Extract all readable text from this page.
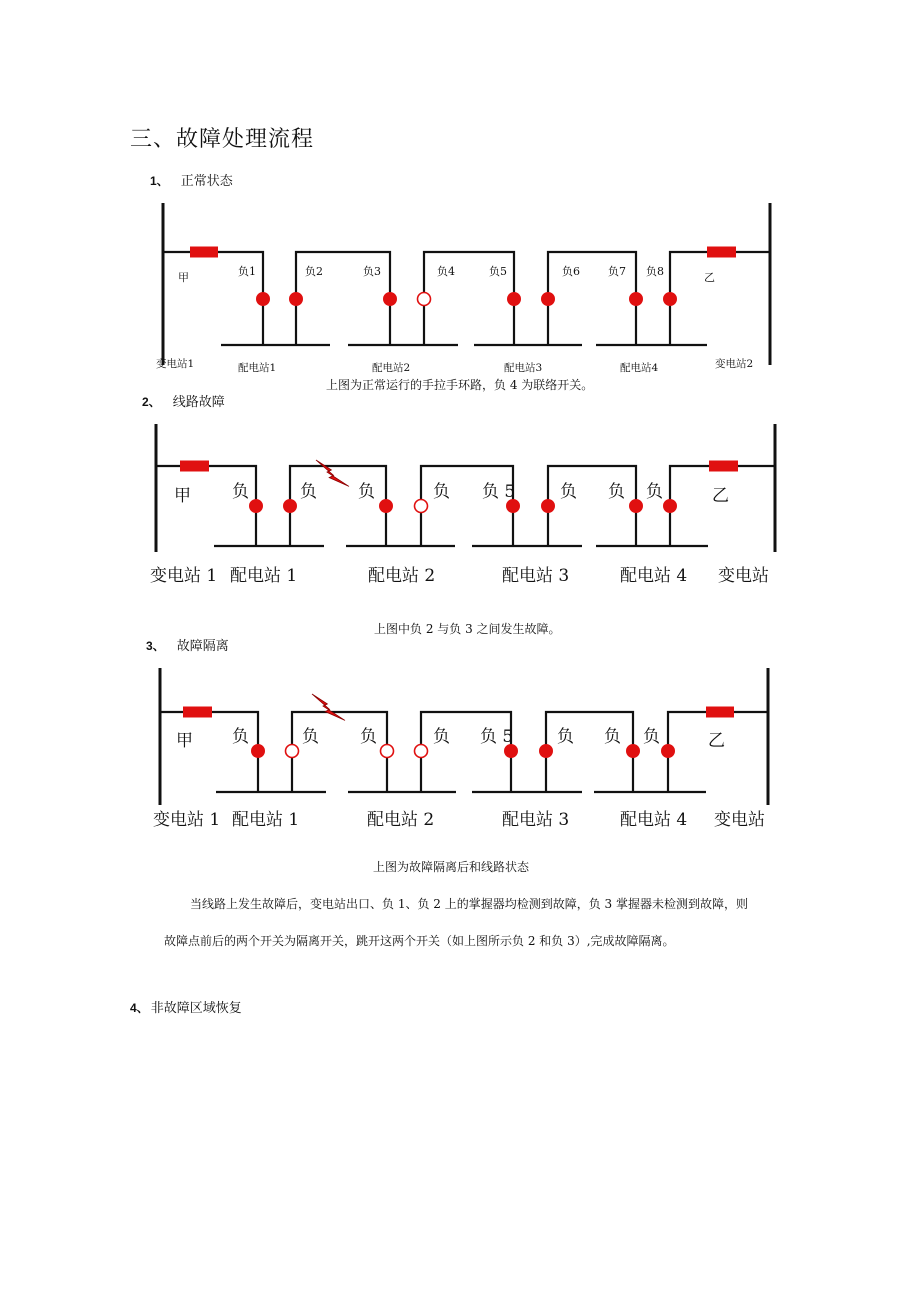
三、故障处理流程
1、 正常状态
2、 线路故障
3、 故障隔离
4、 非故障区域恢复
负1	负2	负3	负4	负5	负6	负7 负8
甲	乙
变电站1	变电站2
配电站1	配电站2	配电站3	配电站4
上图为正常运行的手拉手环路，负 4 为联络开关。
负	负 负	负 负 5	负 负 负
甲	乙
变电站 1	变电站
配电站 1	配电站 2	配电站 3	配电站 4
上图中负 2 与负 3 之间发生故障。
负	负 负	负 负 5	负 负 负
甲	乙
变电站 1	变电站
配电站 1	配电站 2	配电站 3	配电站 4
上图为故障隔离后和线路状态
当线路上发生故障后，变电站出口、负 1、负 2 上的掌握器均检测到故障，负 3 掌握器未检测到故障，则
故障点前后的两个开关为隔离开关，跳开这两个开关（如上图所示负 2 和负 3）,完成故障隔离。
